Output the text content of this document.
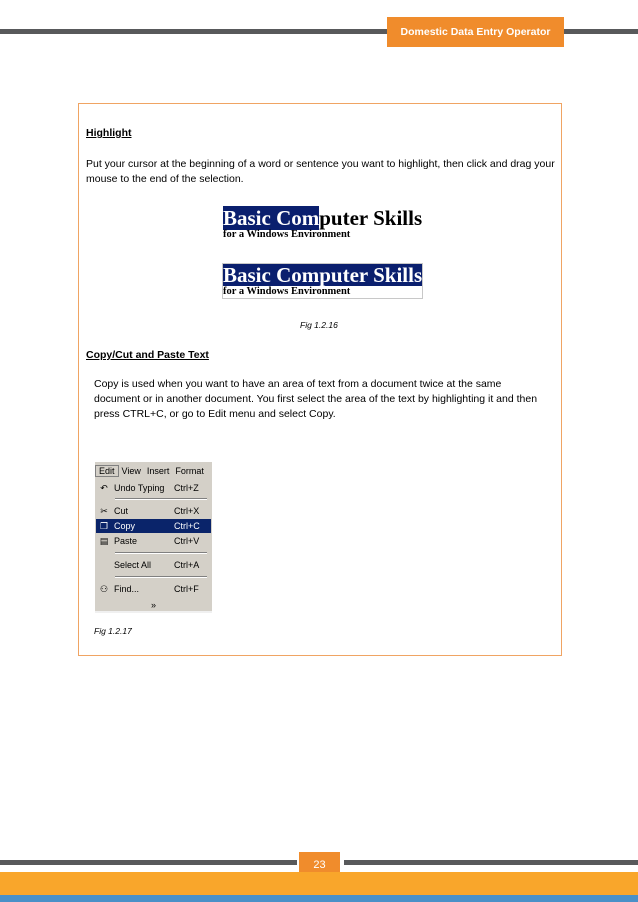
Domestic Data Entry Operator
Highlight
Put your cursor at the beginning of a word or sentence you want to highlight, then click and drag your mouse to the end of the selection.
Basic Computer Skills
for a Windows Environment
Basic Computer Skills
for a Windows Environment
Fig 1.2.16
Copy/Cut and Paste Text
Copy is used when you want to have an area of text from a document twice at the same document or in another document. You first select the area of the text by highlighting it and then press CTRL+C, or go to Edit menu and select Copy.
Edit View Insert Format
↶ Undo Typing	Ctrl+Z
✂ Cut	Ctrl+X
❐ Copy	Ctrl+C
▤ Paste	Ctrl+V
Select All	Ctrl+A
⚇ Find...	Ctrl+F
»
Fig 1.2.17
23
